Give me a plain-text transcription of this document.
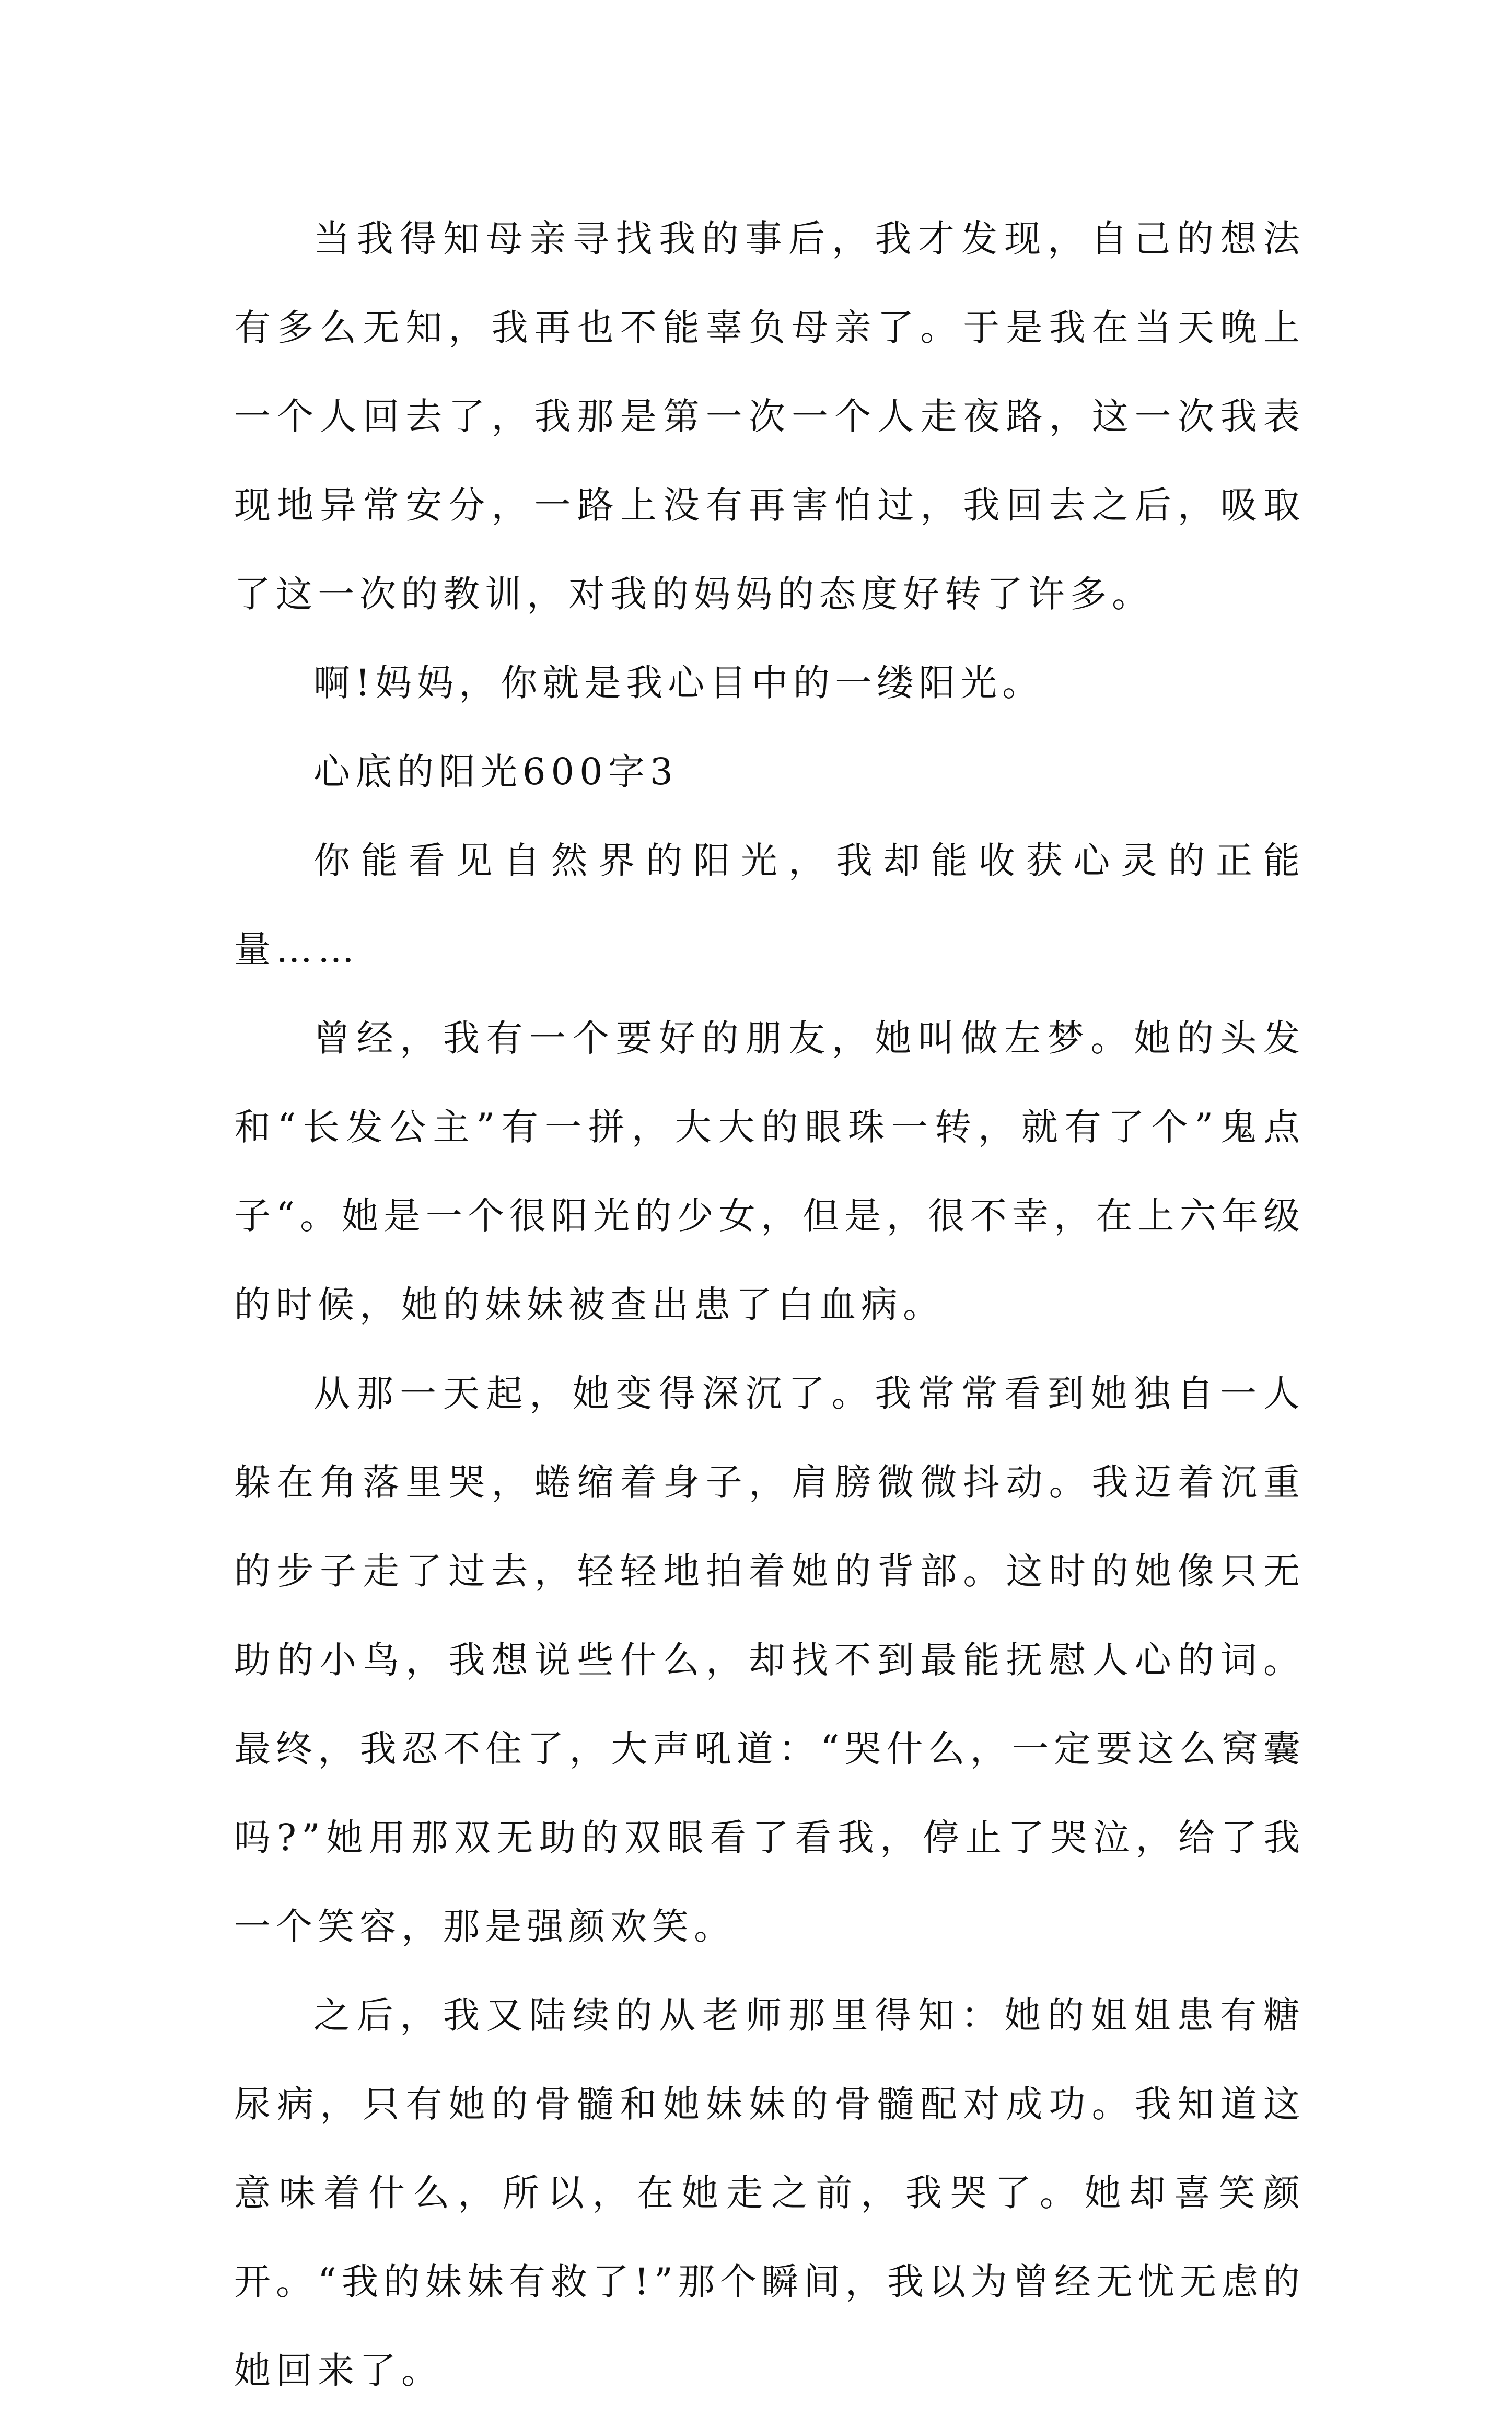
当我得知母亲寻找我的事后，我才发现，自己的想法有多么无知，我再也不能辜负母亲了。于是我在当天晚上一个人回去了，我那是第一次一个人走夜路，这一次我表现地异常安分，一路上没有再害怕过，我回去之后，吸取了这一次的教训，对我的妈妈的态度好转了许多。

啊!妈妈，你就是我心目中的一缕阳光。

心底的阳光600字3

你能看见自然界的阳光，我却能收获心灵的正能量……

曾经，我有一个要好的朋友，她叫做左梦。她的头发和“长发公主”有一拼，大大的眼珠一转，就有了个”鬼点子“。她是一个很阳光的少女，但是，很不幸，在上六年级的时候，她的妹妹被查出患了白血病。

从那一天起，她变得深沉了。我常常看到她独自一人躲在角落里哭，蜷缩着身子，肩膀微微抖动。我迈着沉重的步子走了过去，轻轻地拍着她的背部。这时的她像只无助的小鸟，我想说些什么，却找不到最能抚慰人心的词。最终，我忍不住了，大声吼道：“哭什么，一定要这么窝囊吗?”她用那双无助的双眼看了看我，停止了哭泣，给了我一个笑容，那是强颜欢笑。

之后，我又陆续的从老师那里得知：她的姐姐患有糖尿病，只有她的骨髓和她妹妹的骨髓配对成功。我知道这意味着什么，所以，在她走之前，我哭了。她却喜笑颜开。“我的妹妹有救了!”那个瞬间，我以为曾经无忧无虑的她回来了。
